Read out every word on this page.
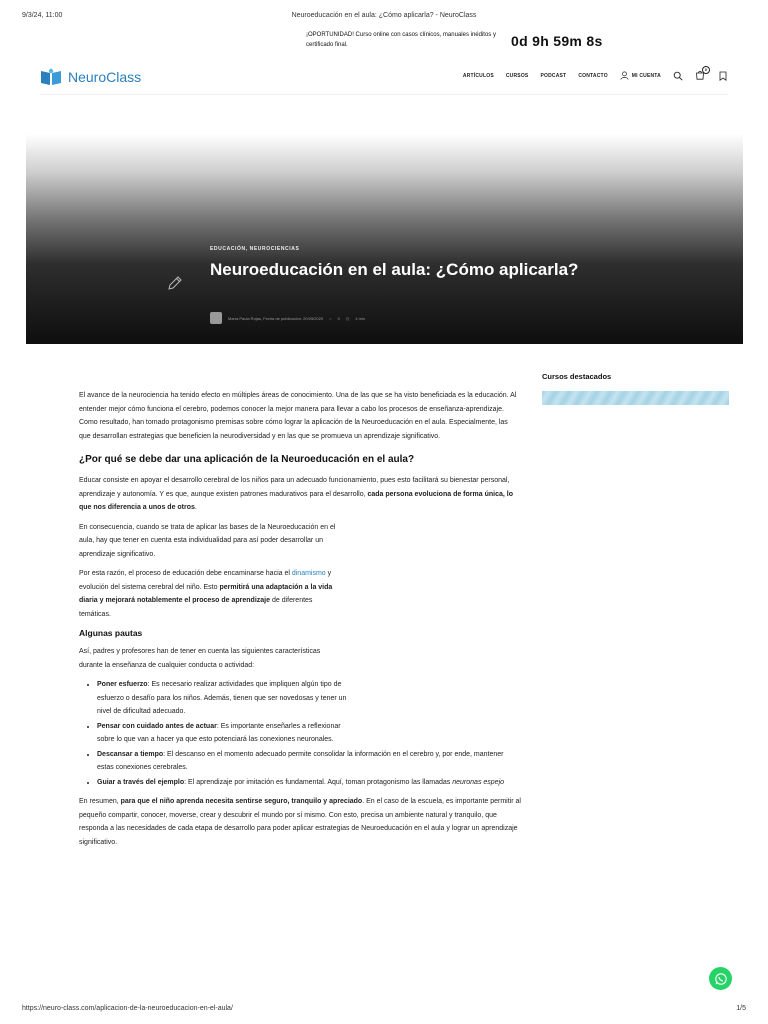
9/3/24, 11:00	Neuroeducación en el aula: ¿Cómo aplicarla? - NeuroClass
¡OPORTUNIDAD! Curso online con casos clínicos, manuales inéditos y certificado final.	0d 9h 59m 8s
NeuroClass	ARTÍCULOS CURSOS PODCAST CONTACTO	MI CUENTA
0
EDUCACIÓN, NEUROCIENCIAS
Neuroeducación en el aula: ¿Cómo aplicarla?
María Paula Rojas, Fecha de publicación: 20/05/2020 ○ 0 ◷ 4 min
Cursos destacados

El avance de la neurociencia ha tenido efecto en múltiples áreas de conocimiento. Una de las que se ha visto beneficiada es la educación. Al entender mejor cómo funciona el cerebro, podemos conocer la mejor manera para llevar a cabo los procesos de enseñanza-aprendizaje. Como resultado, han tomado protagonismo premisas sobre cómo lograr la aplicación de la Neuroeducación en el aula. Especialmente, las que desarrollan estrategias que beneficien la neurodiversidad y en las que se promueva un aprendizaje significativo.

¿Por qué se debe dar una aplicación de la Neuroeducación en el aula?

Educar consiste en apoyar el desarrollo cerebral de los niños para un adecuado funcionamiento, pues esto facilitará su bienestar personal, aprendizaje y autonomía. Y es que, aunque existen patrones madurativos para el desarrollo, cada persona evoluciona de forma única, lo que nos diferencia a unos de otros.

En consecuencia, cuando se trata de aplicar las bases de la Neuroeducación en el aula, hay que tener en cuenta esta individualidad para así poder desarrollar un aprendizaje significativo.

Por esta razón, el proceso de educación debe encaminarse hacia el dinamismo y evolución del sistema cerebral del niño. Esto permitirá una adaptación a la vida diaria y mejorará notablemente el proceso de aprendizaje de diferentes temáticas.

Algunas pautas

Así, padres y profesores han de tener en cuenta las siguientes características durante la enseñanza de cualquier conducta o actividad:

• Poner esfuerzo: Es necesario realizar actividades que impliquen algún tipo de esfuerzo o desafío para los niños. Además, tienen que ser novedosas y tener un nivel de dificultad adecuado.
• Pensar con cuidado antes de actuar: Es importante enseñarles a reflexionar sobre lo que van a hacer ya que esto potenciará las conexiones neuronales.
• Descansar a tiempo: El descanso en el momento adecuado permite consolidar la información en el cerebro y, por ende, mantener estas conexiones cerebrales.
• Guiar a través del ejemplo: El aprendizaje por imitación es fundamental. Aquí, toman protagonismo las llamadas neuronas espejo

En resumen, para que el niño aprenda necesita sentirse seguro, tranquilo y apreciado. En el caso de la escuela, es importante permitir al pequeño compartir, conocer, moverse, crear y descubrir el mundo por sí mismo. Con esto, precisa un ambiente natural y tranquilo, que responda a las necesidades de cada etapa de desarrollo para poder aplicar estrategias de Neuroeducación en el aula y lograr un aprendizaje significativo.

https://neuro-class.com/aplicacion-de-la-neuroeducacion-en-el-aula/	1/5
